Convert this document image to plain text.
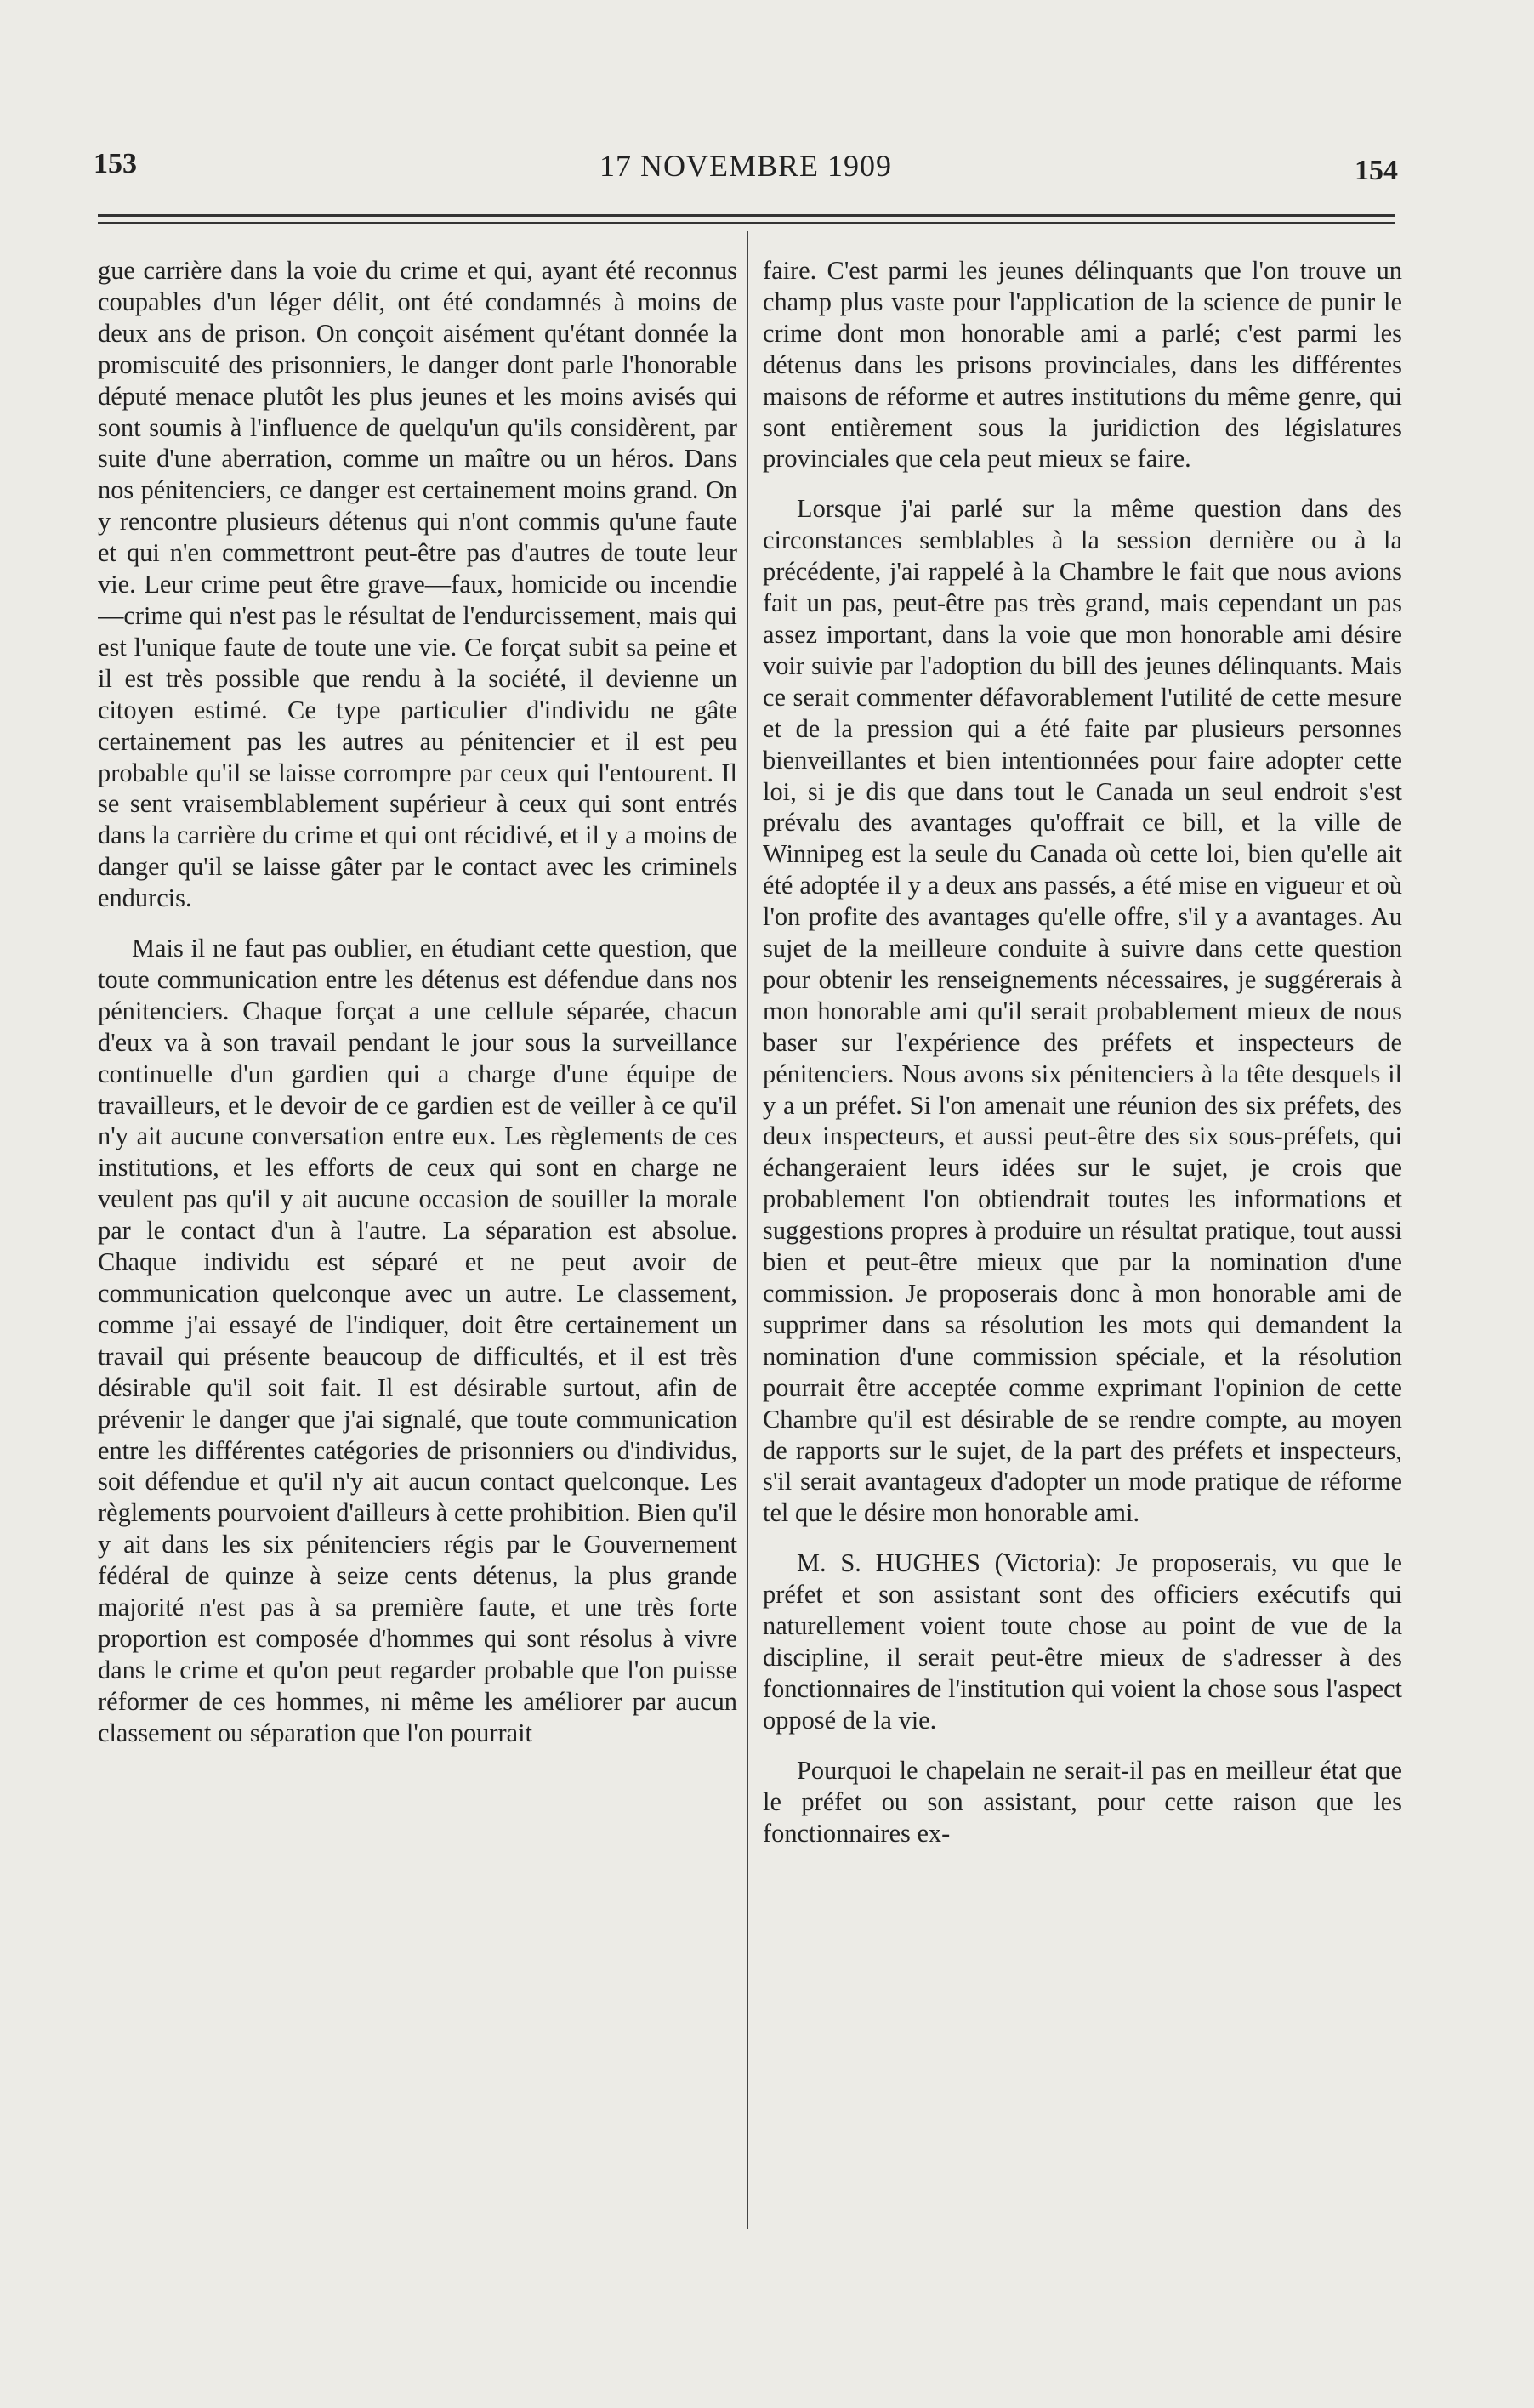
153	17 NOVEMBRE 1909	154

gue carrière dans la voie du crime et qui, ayant été reconnus coupables d'un léger délit, ont été condamnés à moins de deux ans de prison. On conçoit aisément qu'étant donnée la promiscuité des prisonniers, le danger dont parle l'honorable député menace plutôt les plus jeunes et les moins avisés qui sont soumis à l'influence de quelqu'un qu'ils considèrent, par suite d'une aberration, comme un maître ou un héros. Dans nos pénitenciers, ce danger est certainement moins grand. On y rencontre plusieurs détenus qui n'ont commis qu'une faute et qui n'en commettront peut-être pas d'autres de toute leur vie. Leur crime peut être grave—faux, homicide ou incendie—crime qui n'est pas le résultat de l'endurcissement, mais qui est l'unique faute de toute une vie. Ce forçat subit sa peine et il est très possible que rendu à la société, il devienne un citoyen estimé. Ce type particulier d'individu ne gâte certainement pas les autres au pénitencier et il est peu probable qu'il se laisse corrompre par ceux qui l'entourent. Il se sent vraisemblablement supérieur à ceux qui sont entrés dans la carrière du crime et qui ont récidivé, et il y a moins de danger qu'il se laisse gâter par le contact avec les criminels endurcis.

Mais il ne faut pas oublier, en étudiant cette question, que toute communication entre les détenus est défendue dans nos pénitenciers. Chaque forçat a une cellule séparée, chacun d'eux va à son travail pendant le jour sous la surveillance continuelle d'un gardien qui a charge d'une équipe de travailleurs, et le devoir de ce gardien est de veiller à ce qu'il n'y ait aucune conversation entre eux. Les règlements de ces institutions, et les efforts de ceux qui sont en charge ne veulent pas qu'il y ait aucune occasion de souiller la morale par le contact d'un à l'autre. La séparation est absolue. Chaque individu est séparé et ne peut avoir de communication quelconque avec un autre. Le classement, comme j'ai essayé de l'indiquer, doit être certainement un travail qui présente beaucoup de difficultés, et il est très désirable qu'il soit fait. Il est désirable surtout, afin de prévenir le danger que j'ai signalé, que toute communication entre les différentes catégories de prisonniers ou d'individus, soit défendue et qu'il n'y ait aucun contact quelconque. Les règlements pourvoient d'ailleurs à cette prohibition. Bien qu'il y ait dans les six pénitenciers régis par le Gouvernement fédéral de quinze à seize cents détenus, la plus grande majorité n'est pas à sa première faute, et une très forte proportion est composée d'hommes qui sont résolus à vivre dans le crime et qu'on peut regarder probable que l'on puisse réformer de ces hommes, ni même les améliorer par aucun classement ou séparation que l'on pourrait

faire. C'est parmi les jeunes délinquants que l'on trouve un champ plus vaste pour l'application de la science de punir le crime dont mon honorable ami a parlé; c'est parmi les détenus dans les prisons provinciales, dans les différentes maisons de réforme et autres institutions du même genre, qui sont entièrement sous la juridiction des législatures provinciales que cela peut mieux se faire.

Lorsque j'ai parlé sur la même question dans des circonstances semblables à la session dernière ou à la précédente, j'ai rappelé à la Chambre le fait que nous avions fait un pas, peut-être pas très grand, mais cependant un pas assez important, dans la voie que mon honorable ami désire voir suivie par l'adoption du bill des jeunes délinquants. Mais ce serait commenter défavorablement l'utilité de cette mesure et de la pression qui a été faite par plusieurs personnes bienveillantes et bien intentionnées pour faire adopter cette loi, si je dis que dans tout le Canada un seul endroit s'est prévalu des avantages qu'offrait ce bill, et la ville de Winnipeg est la seule du Canada où cette loi, bien qu'elle ait été adoptée il y a deux ans passés, a été mise en vigueur et où l'on profite des avantages qu'elle offre, s'il y a avantages. Au sujet de la meilleure conduite à suivre dans cette question pour obtenir les renseignements nécessaires, je suggérerais à mon honorable ami qu'il serait probablement mieux de nous baser sur l'expérience des préfets et inspecteurs de pénitenciers. Nous avons six pénitenciers à la tête desquels il y a un préfet. Si l'on amenait une réunion des six préfets, des deux inspecteurs, et aussi peut-être des six sous-préfets, qui échangeraient leurs idées sur le sujet, je crois que probablement l'on obtiendrait toutes les informations et suggestions propres à produire un résultat pratique, tout aussi bien et peut-être mieux que par la nomination d'une commission. Je proposerais donc à mon honorable ami de supprimer dans sa résolution les mots qui demandent la nomination d'une commission spéciale, et la résolution pourrait être acceptée comme exprimant l'opinion de cette Chambre qu'il est désirable de se rendre compte, au moyen de rapports sur le sujet, de la part des préfets et inspecteurs, s'il serait avantageux d'adopter un mode pratique de réforme tel que le désire mon honorable ami.

M. S. HUGHES (Victoria): Je proposerais, vu que le préfet et son assistant sont des officiers exécutifs qui naturellement voient toute chose au point de vue de la discipline, il serait peut-être mieux de s'adresser à des fonctionnaires de l'institution qui voient la chose sous l'aspect opposé de la vie.

Pourquoi le chapelain ne serait-il pas en meilleur état que le préfet ou son assistant, pour cette raison que les fonctionnaires ex-
